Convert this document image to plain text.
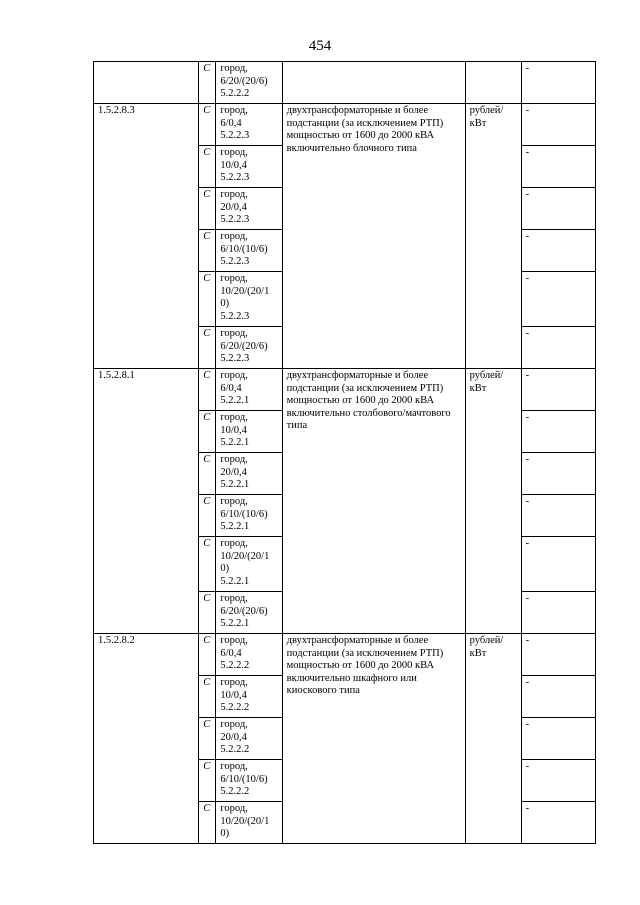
454
	C	город,
6/20/(20/6)
5.2.2.2			-
1.5.2.8.3	C	город,
6/0,4
5.2.2.3	двухтрансформаторные и более подстанции (за исключением РТП) мощностью от 1600 до 2000 кВА включительно блочного типа	рублей/ кВт	-
	C	город,
10/0,4
5.2.2.3			-
	C	город,
20/0,4
5.2.2.3			-
	C	город,
6/10/(10/6)
5.2.2.3			-
	C	город,
10/20/(20/1
0)
5.2.2.3			-
	C	город,
6/20/(20/6)
5.2.2.3			-
1.5.2.8.1	C	город,
6/0,4
5.2.2.1	двухтрансформаторные и более подстанции (за исключением РТП) мощностью от 1600 до 2000 кВА включительно столбового/мачтового типа	рублей/ кВт	-
	C	город,
10/0,4
5.2.2.1			-
	C	город,
20/0,4
5.2.2.1			-
	C	город,
6/10/(10/6)
5.2.2.1			-
	C	город,
10/20/(20/1
0)
5.2.2.1			-
	C	город,
6/20/(20/6)
5.2.2.1			-
1.5.2.8.2	C	город,
6/0,4
5.2.2.2	двухтрансформаторные и более подстанции (за исключением РТП) мощностью от 1600 до 2000 кВА включительно шкафного или киоскового типа	рублей/ кВт	-
	C	город,
10/0,4
5.2.2.2			-
	C	город,
20/0,4
5.2.2.2			-
	C	город,
6/10/(10/6)
5.2.2.2			-
	C	город,
10/20/(20/1
0)			-
